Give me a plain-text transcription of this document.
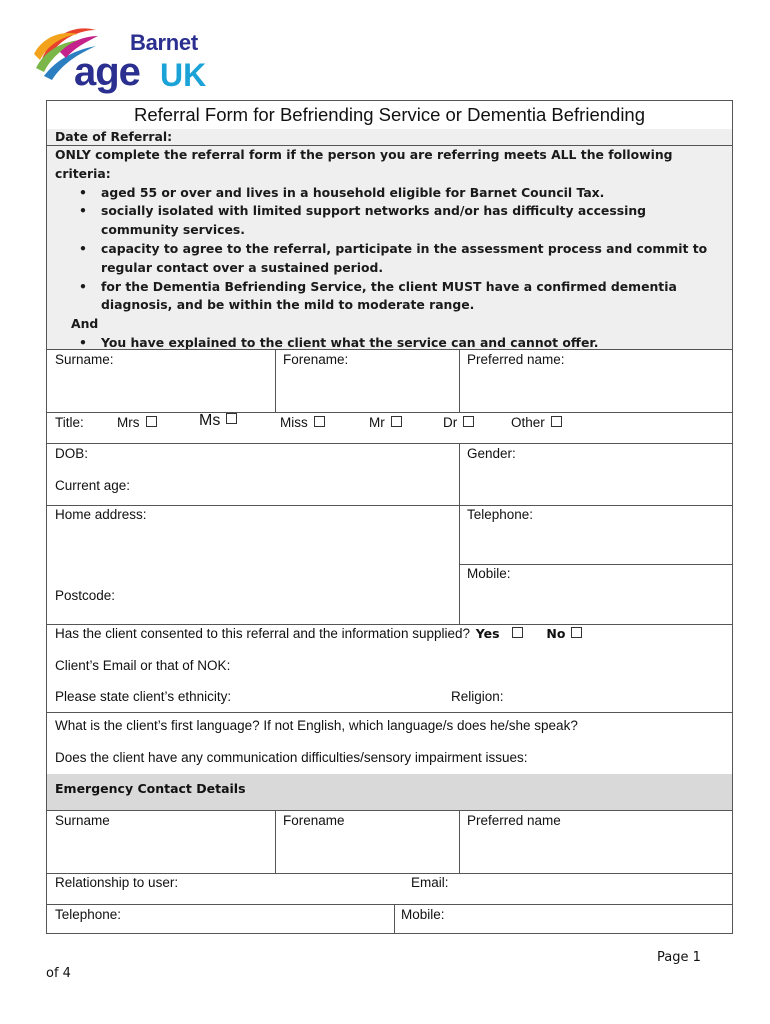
Barnet
age UK
Referral Form for Befriending Service or Dementia Befriending
Date of Referral:
ONLY complete the referral form if the person you are referring meets ALL the following criteria:
• aged 55 or over and lives in a household eligible for Barnet Council Tax.
• socially isolated with limited support networks and/or has difficulty accessing community services.
• capacity to agree to the referral, participate in the assessment process and commit to regular contact over a sustained period.
• for the Dementia Befriending Service, the client MUST have a confirmed dementia diagnosis, and be within the mild to moderate range.
And
• You have explained to the client what the service can and cannot offer.
Surname:	Forename:	Preferred name:
Title: Mrs	Ms	Miss	Mr	Dr	Other
DOB:	Gender:
Current age:
Home address:	Telephone:
Mobile:
Postcode:
Has the client consented to this referral and the information supplied? Yes	No
Client’s Email or that of NOK:
Please state client’s ethnicity:	Religion:
What is the client’s first language? If not English, which language/s does he/she speak?
Does the client have any communication difficulties/sensory impairment issues:
Emergency Contact Details
Surname	Forename	Preferred name
Relationship to user:	Email:
Telephone:	Mobile:
Page 1
of 4
